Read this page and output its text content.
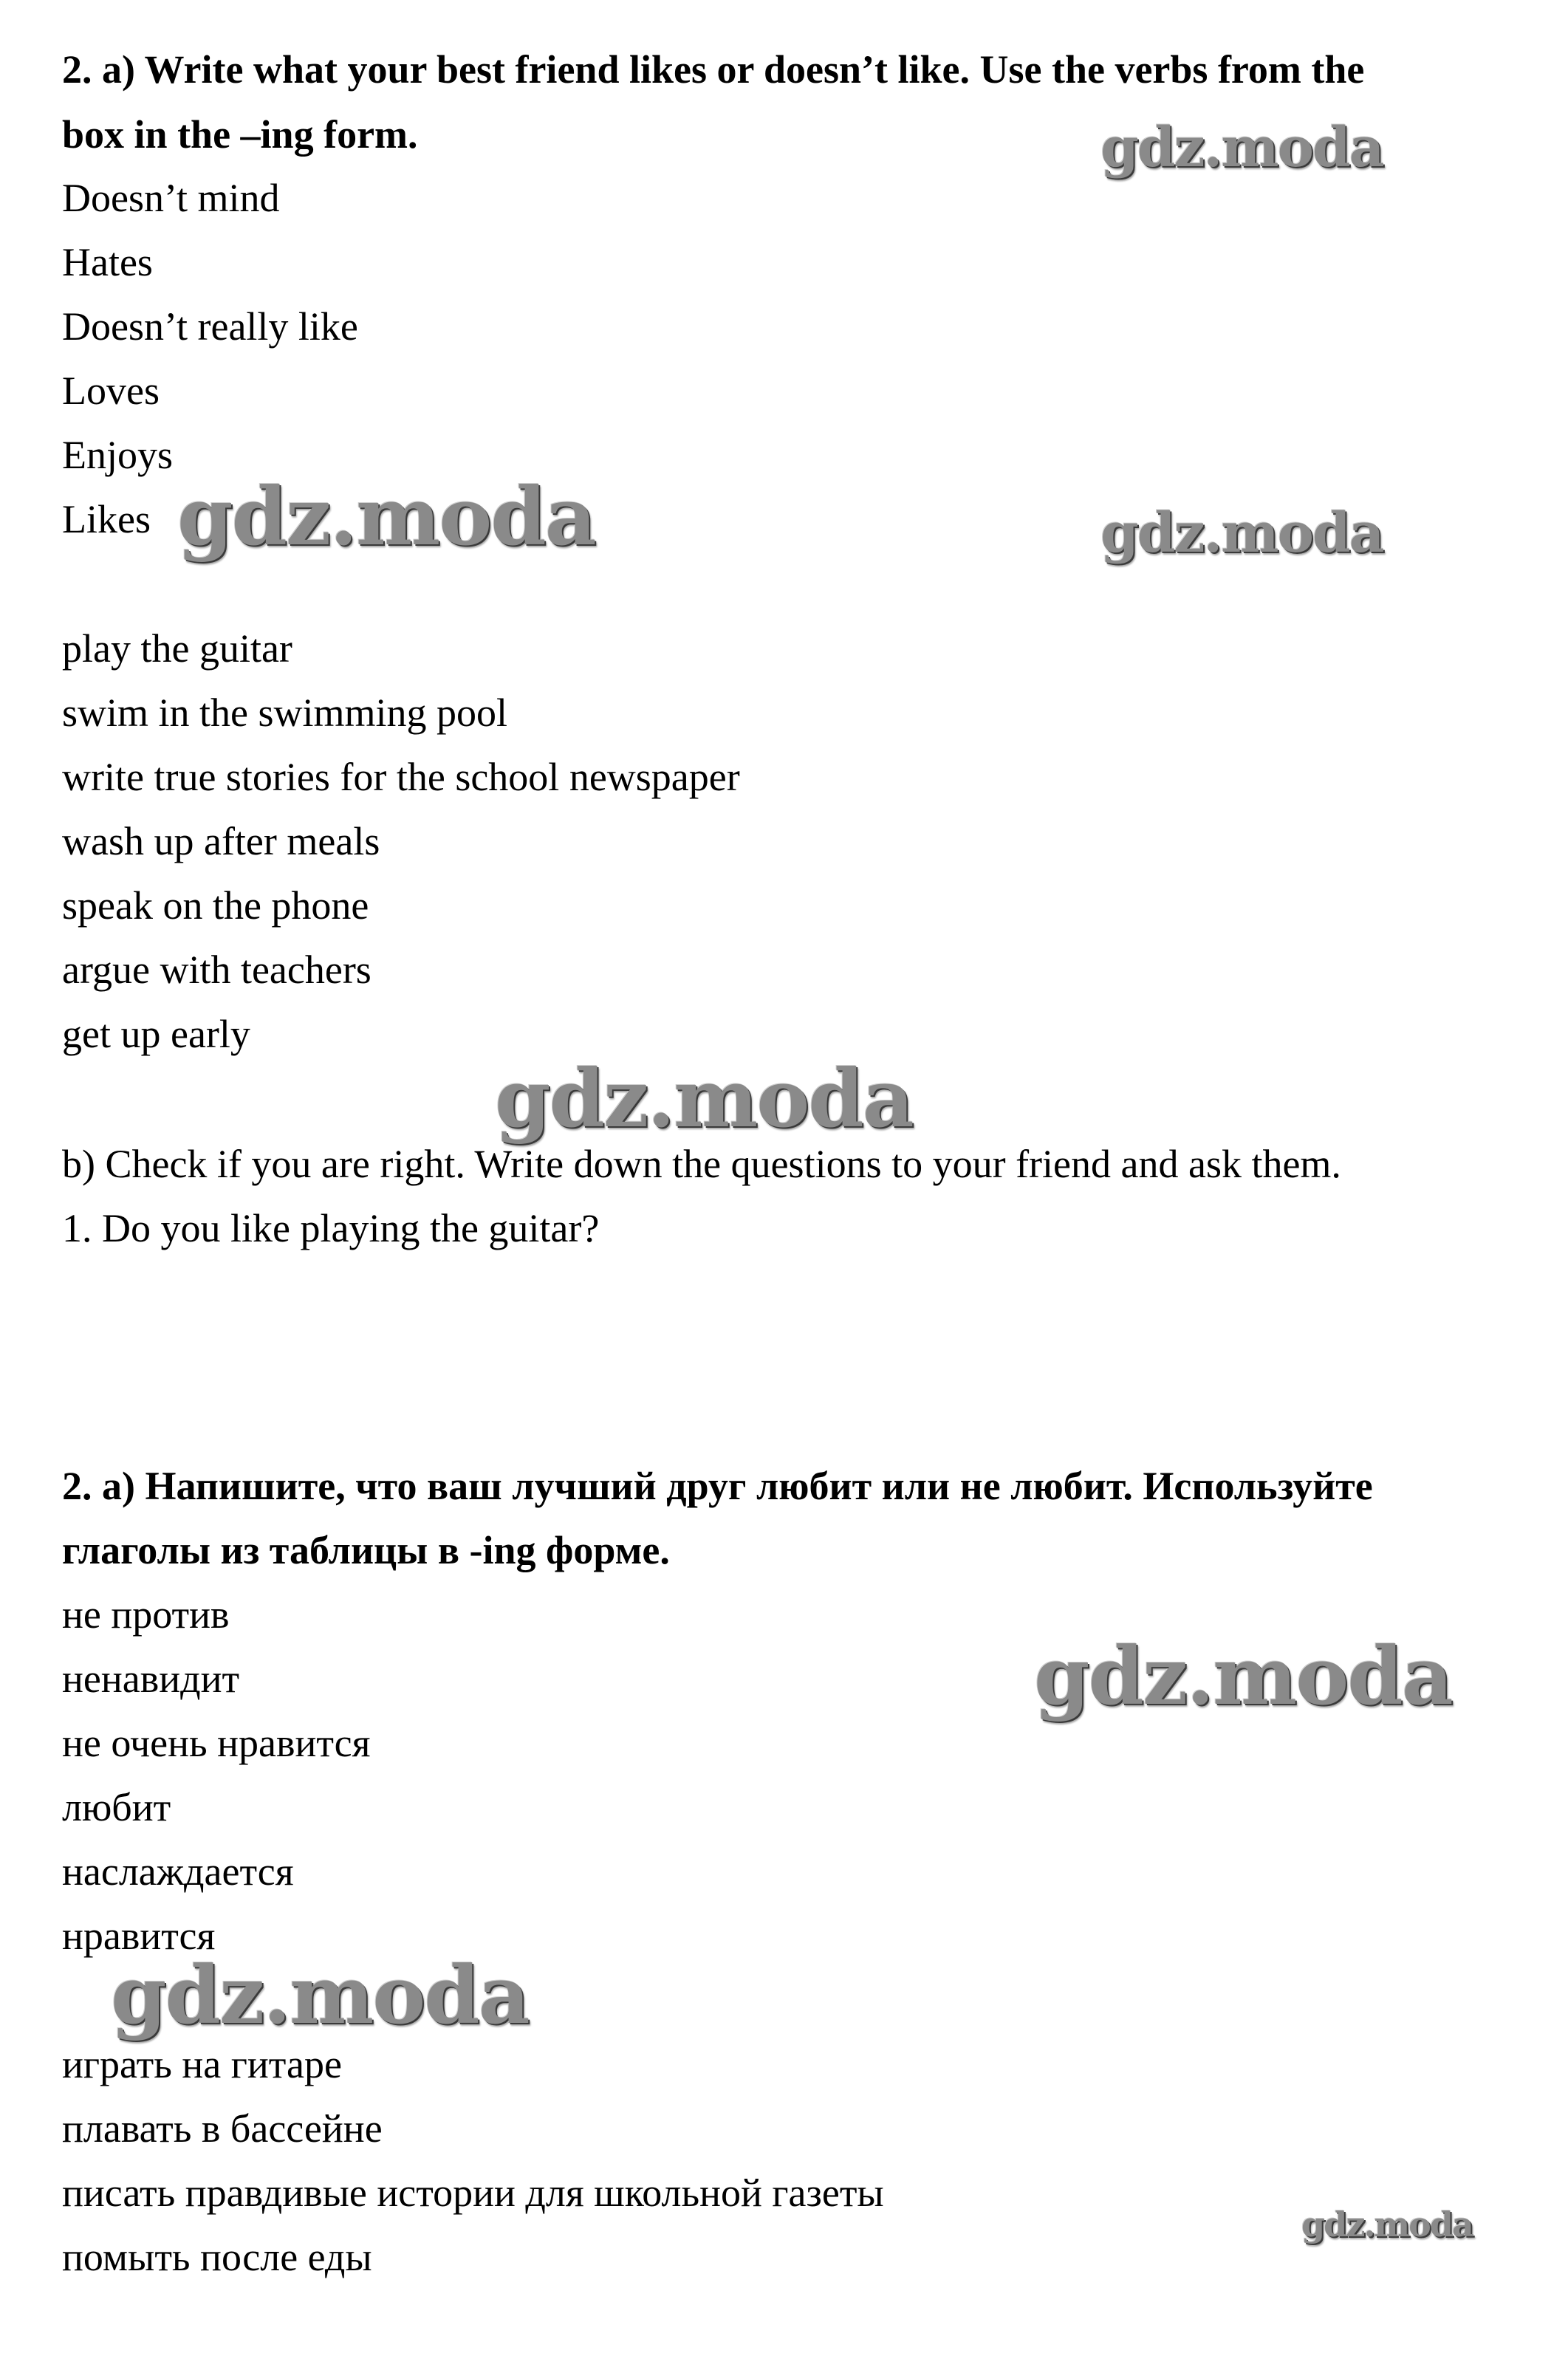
2. a) Write what your best friend likes or doesn’t like. Use the verbs from the
box in the –ing form.
Doesn’t mind
Hates
Doesn’t really like
Loves
Enjoys
Likes
play the guitar
swim in the swimming pool
write true stories for the school newspaper
wash up after meals
speak on the phone
argue with teachers
get up early
b) Check if you are right. Write down the questions to your friend and ask them.
1. Do you like playing the guitar?
2. a) Напишите, что ваш лучший друг любит или не любит. Используйте
глаголы из таблицы в -ing форме.
не против
ненавидит
не очень нравится
любит
наслаждается
нравится
играть на гитаре
плавать в бассейне
писать правдивые истории для школьной газеты
помыть после еды
gdz.moda
gdz.moda	gdz.moda
gdz.moda
gdz.moda
gdz.moda
gdz.moda
